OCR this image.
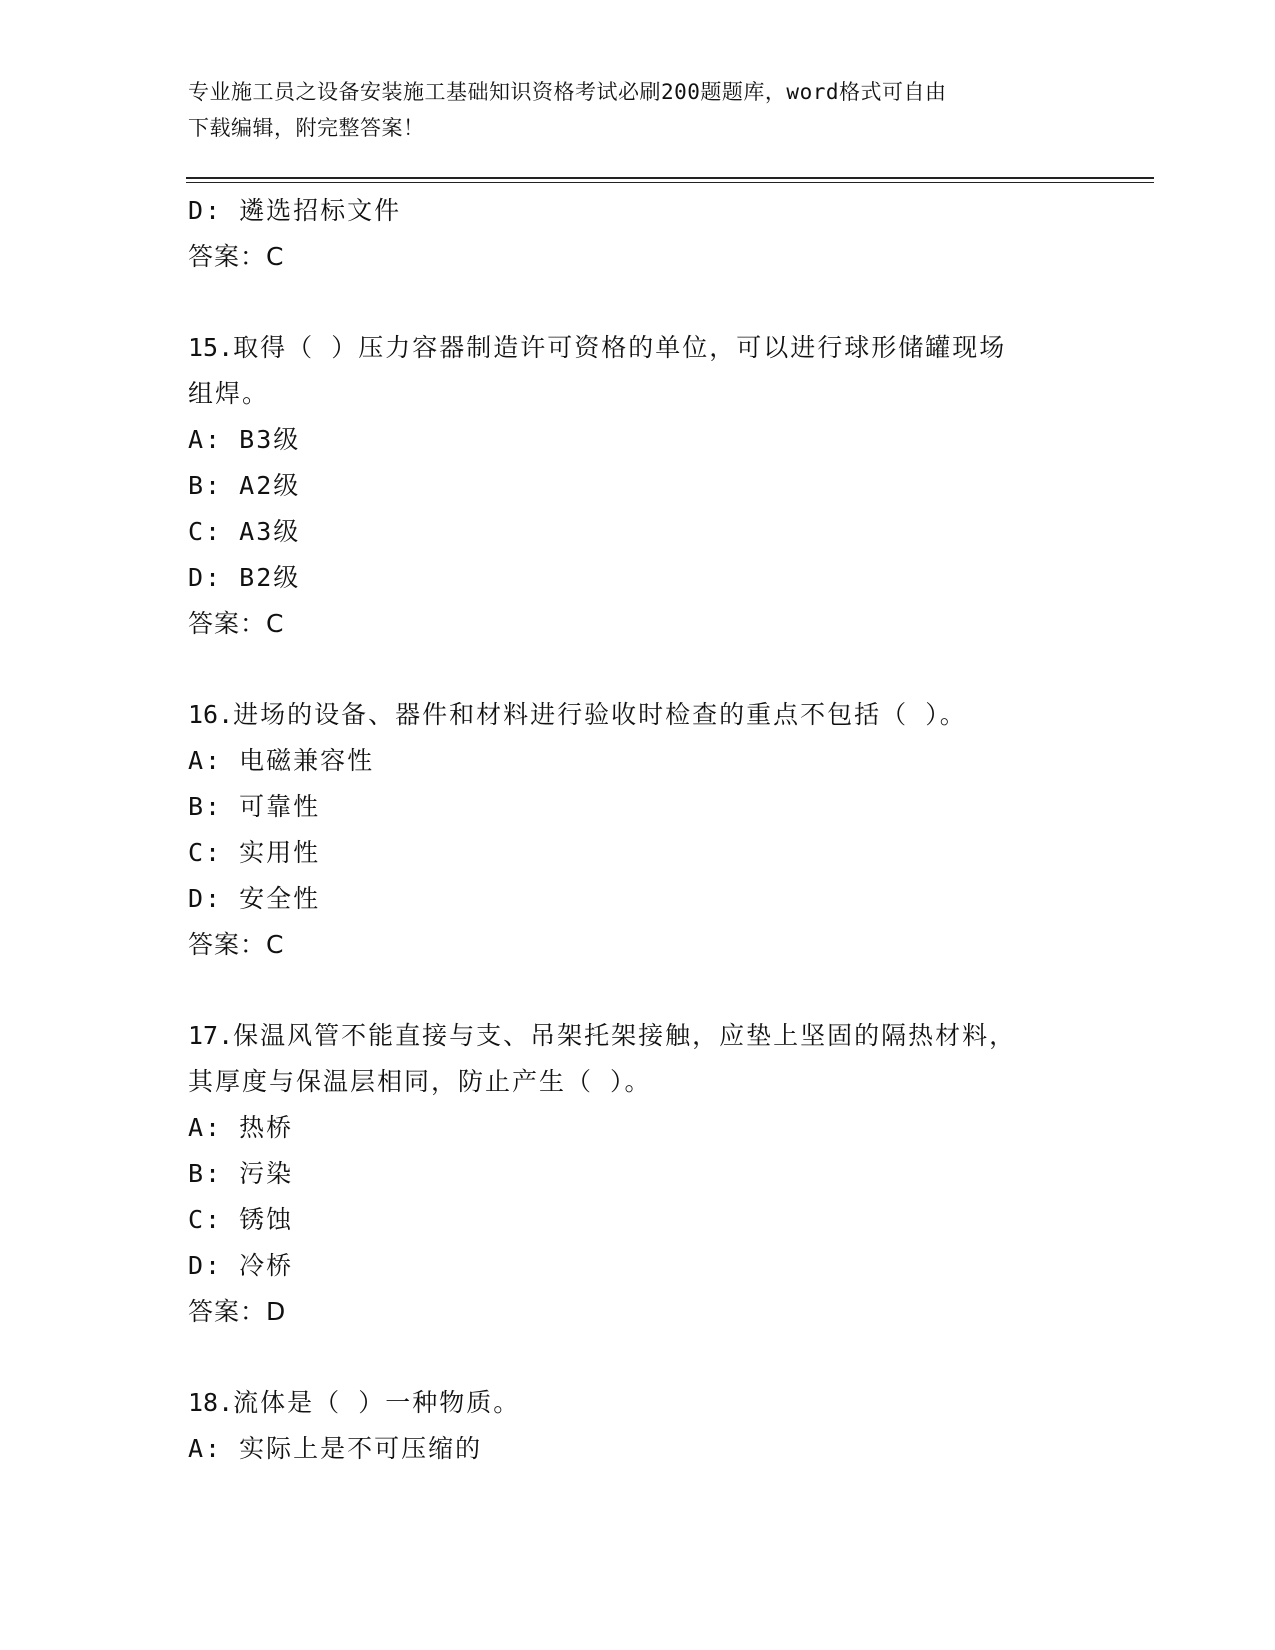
专业施工员之设备安装施工基础知识资格考试必刷200题题库，word格式可自由
下载编辑，附完整答案！
D: 遴选招标文件
答案：C
15.取得（ ）压力容器制造许可资格的单位，可以进行球形储罐现场
组焊。
A: B3级
B: A2级
C: A3级
D: B2级
答案：C
16.进场的设备、器件和材料进行验收时检查的重点不包括（ ）。
A: 电磁兼容性
B: 可靠性
C: 实用性
D: 安全性
答案：C
17.保温风管不能直接与支、吊架托架接触，应垫上坚固的隔热材料，
其厚度与保温层相同，防止产生（ ）。
A: 热桥
B: 污染
C: 锈蚀
D: 冷桥
答案：D
18.流体是（ ）一种物质。
A: 实际上是不可压缩的
